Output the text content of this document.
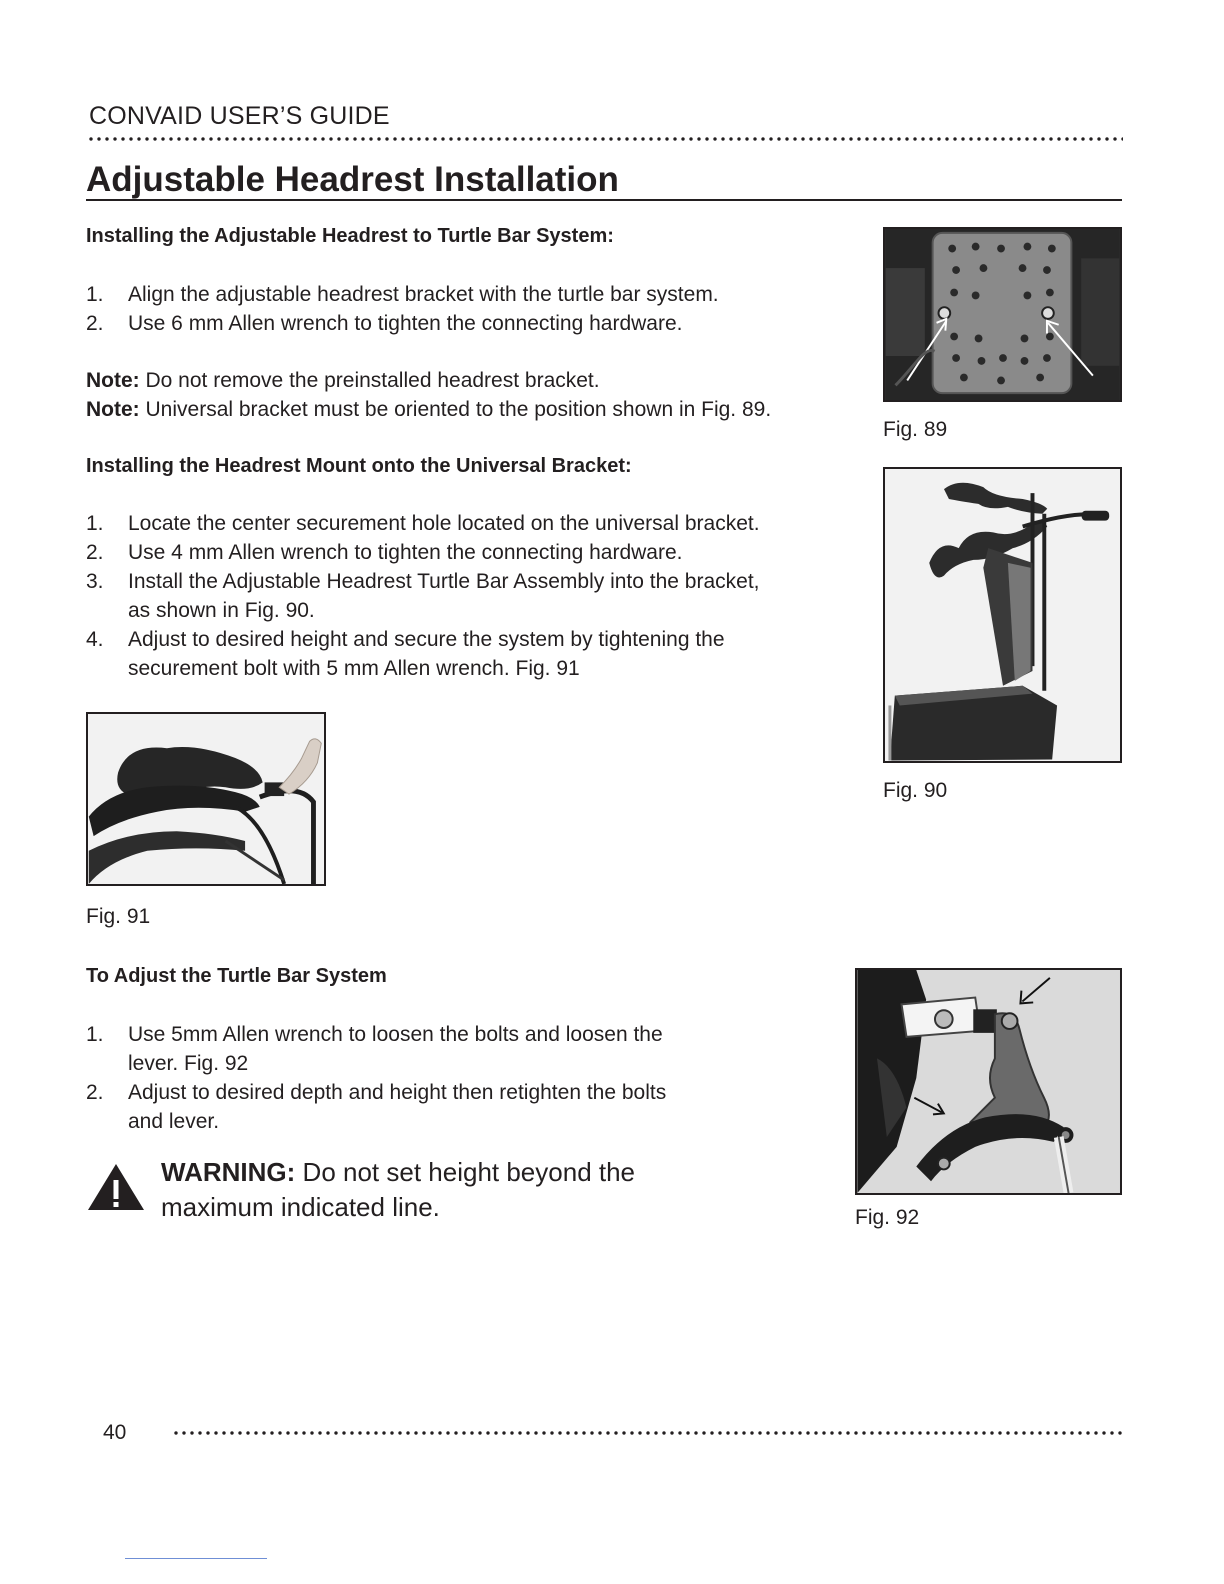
CONVAID USER’S GUIDE
Adjustable Headrest Installation
Installing the Adjustable Headrest to Turtle Bar System:
1. Align the adjustable headrest bracket with the turtle bar system.
2. Use 6 mm Allen wrench to tighten the connecting hardware.
Note: Do not remove the preinstalled headrest bracket.
Note: Universal bracket must be oriented to the position shown in Fig. 89.
Installing the Headrest Mount onto the Universal Bracket:
1. Locate the center securement hole located on the universal bracket.
2. Use 4 mm Allen wrench to tighten the connecting hardware.
3. Install the Adjustable Headrest Turtle Bar Assembly into the bracket,
as shown in Fig. 90.
4. Adjust to desired height and secure the system by tightening the
securement bolt with 5 mm Allen wrench. Fig. 91
Fig. 89
Fig. 90
Fig. 91
To Adjust the Turtle Bar System
1. Use 5mm Allen wrench to loosen the bolts and loosen the
lever. Fig. 92
2. Adjust to desired depth and height then retighten the bolts
and lever.
WARNING: Do not set height beyond the
maximum indicated line.	Fig. 92
40
